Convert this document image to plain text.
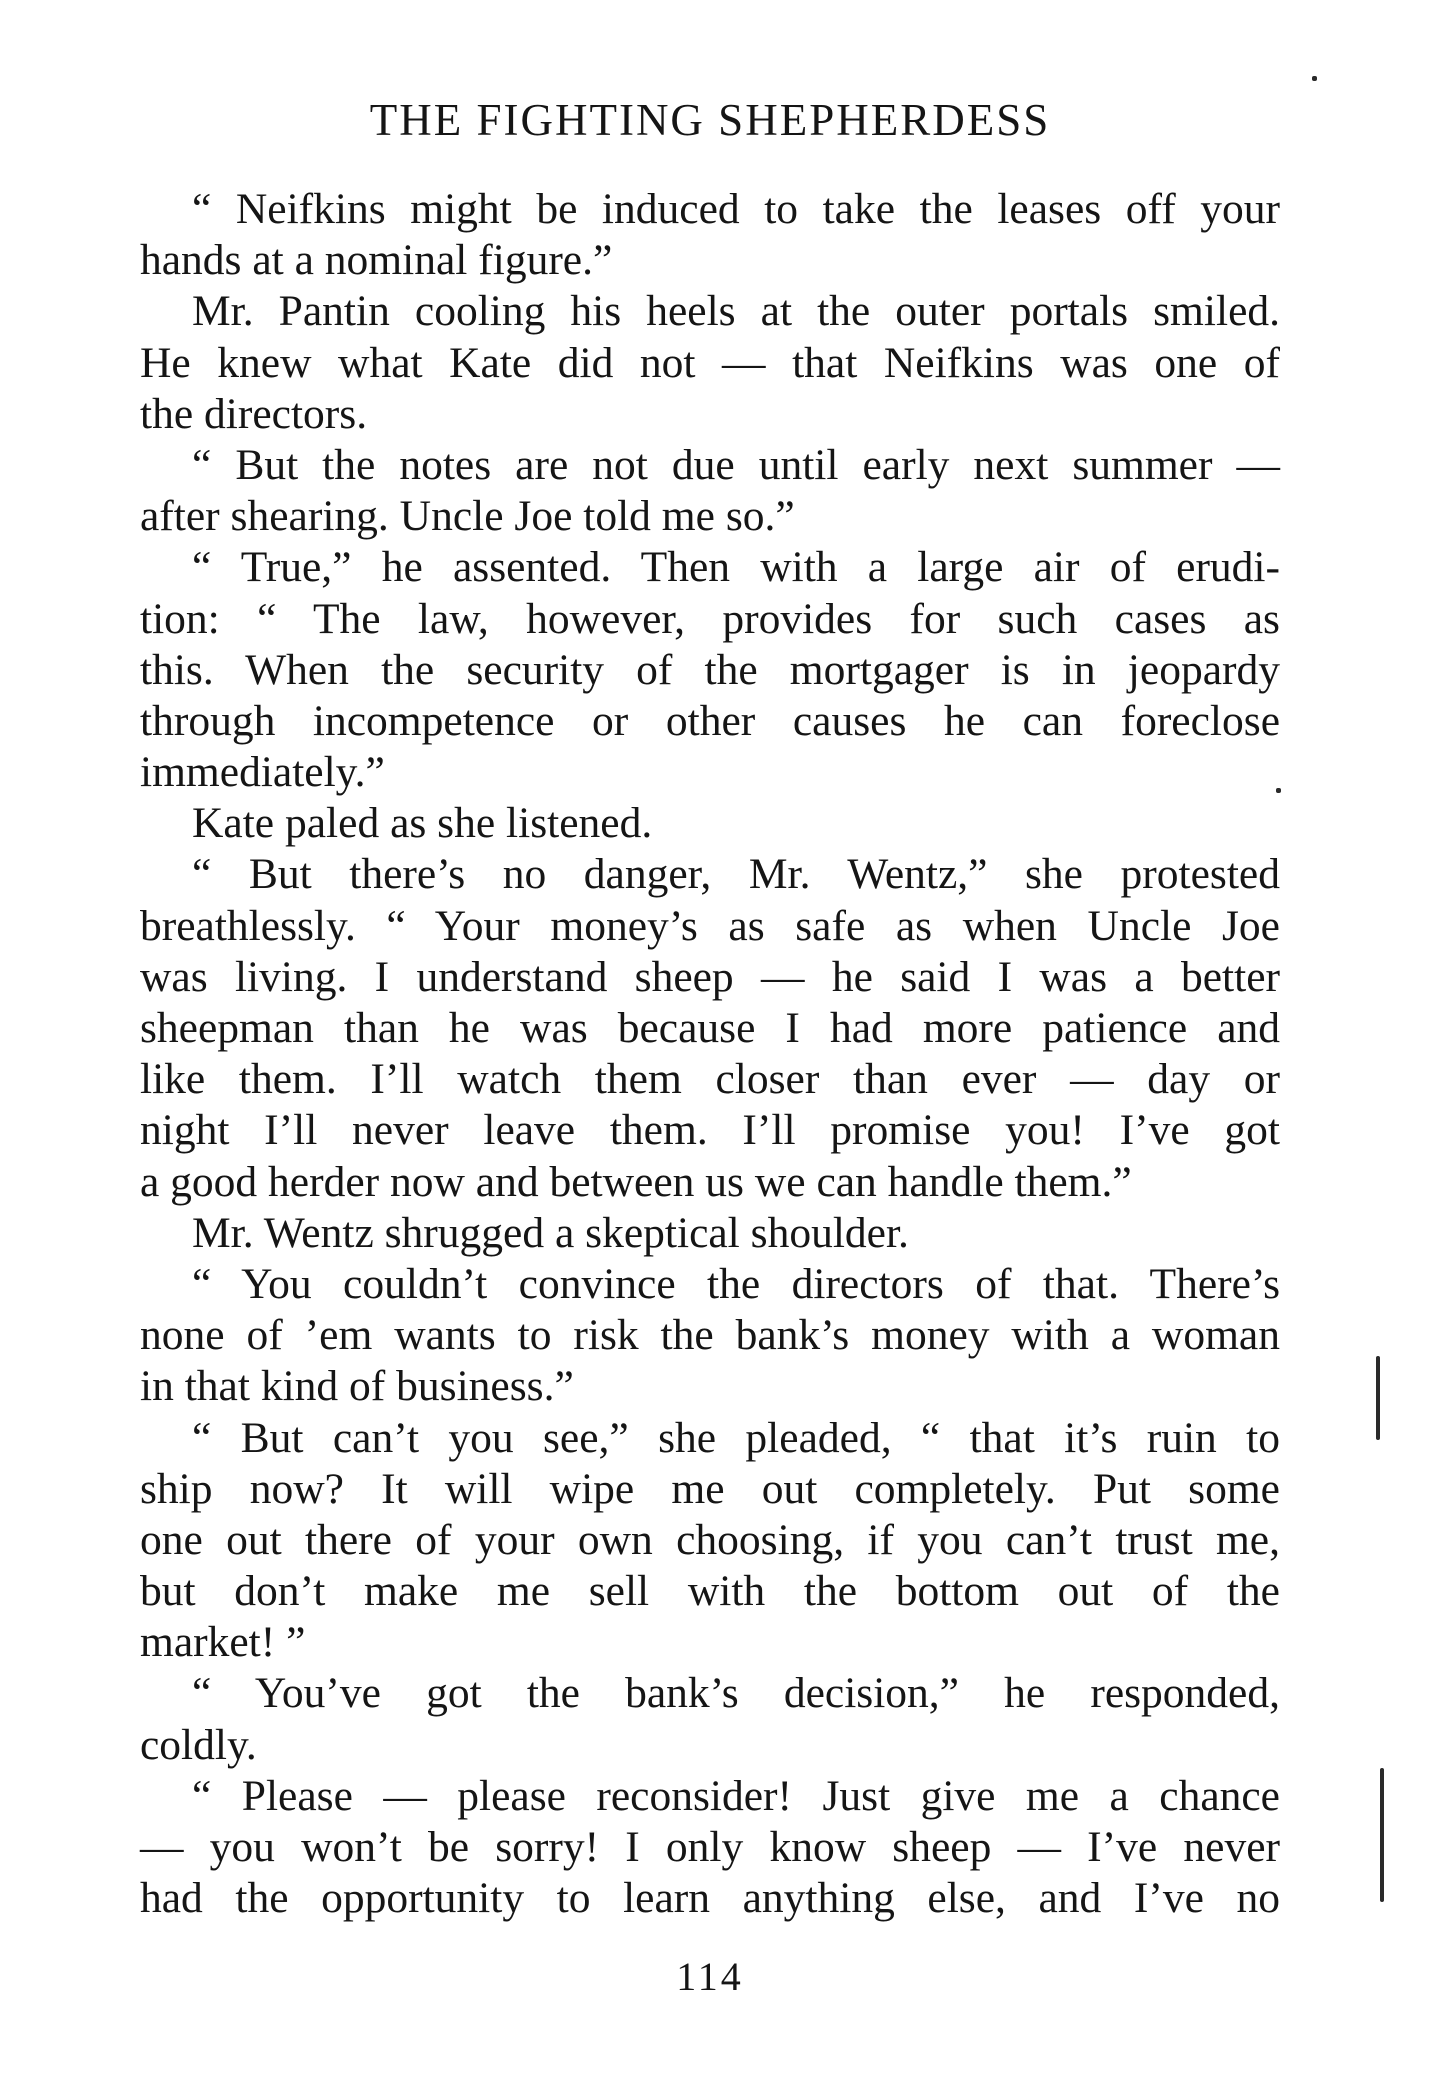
THE FIGHTING SHEPHERDESS
“ Neifkins might be induced to take the leases off your
hands at a nominal figure.”
Mr. Pantin cooling his heels at the outer portals smiled.
He knew what Kate did not — that Neifkins was one of
the directors.
“ But the notes are not due until early next summer —
after shearing. Uncle Joe told me so.”
“ True,” he assented. Then with a large air of erudi-
tion: “ The law, however, provides for such cases as
this. When the security of the mortgager is in jeopardy
through incompetence or other causes he can foreclose
immediately.”
Kate paled as she listened.
“ But there’s no danger, Mr. Wentz,” she protested
breathlessly. “ Your money’s as safe as when Uncle Joe
was living. I understand sheep — he said I was a better
sheepman than he was because I had more patience and
like them. I’ll watch them closer than ever — day or
night I’ll never leave them. I’ll promise you! I’ve got
a good herder now and between us we can handle them.”
Mr. Wentz shrugged a skeptical shoulder.
“ You couldn’t convince the directors of that. There’s
none of ’em wants to risk the bank’s money with a woman
in that kind of business.”
“ But can’t you see,” she pleaded, “ that it’s ruin to
ship now? It will wipe me out completely. Put some
one out there of your own choosing, if you can’t trust me,
but don’t make me sell with the bottom out of the
market! ”
“ You’ve got the bank’s decision,” he responded,
coldly.
“ Please — please reconsider! Just give me a chance
— you won’t be sorry! I only know sheep — I’ve never
had the opportunity to learn anything else, and I’ve no
114
